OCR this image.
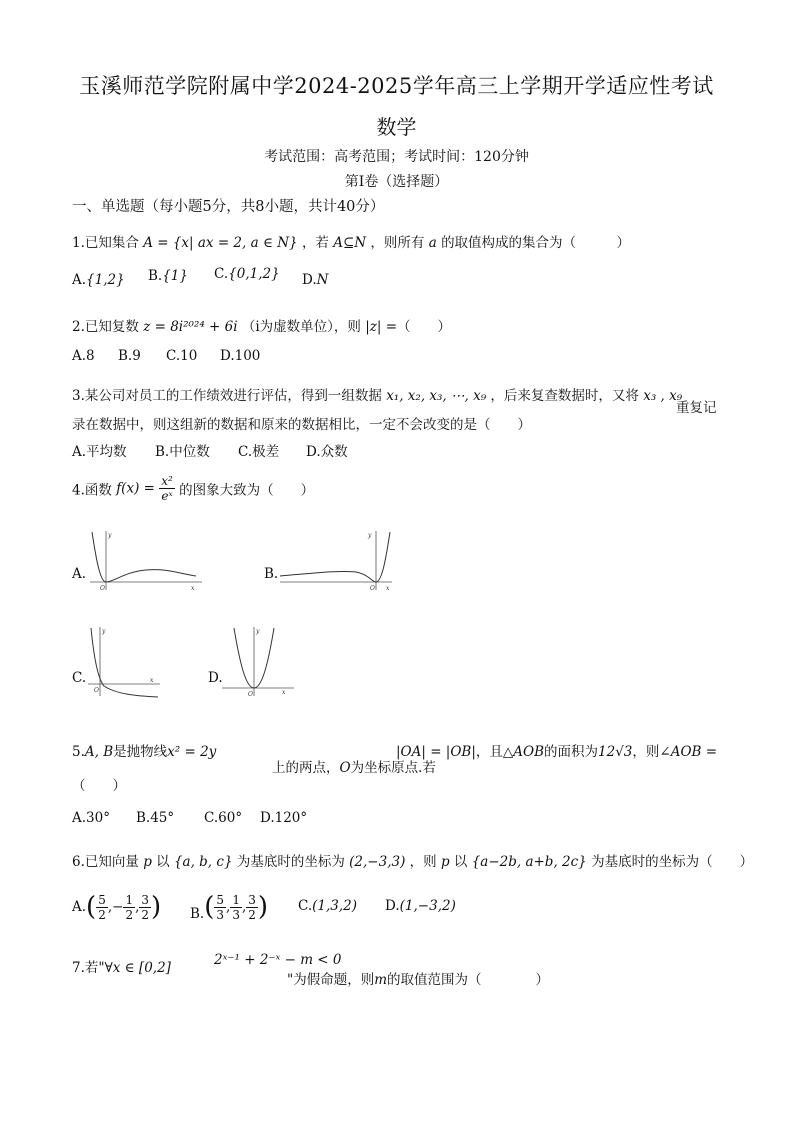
玉溪师范学院附属中学2024-2025学年高三上学期开学适应性考试
数学
考试范围：高考范围；考试时间：120分钟
第I卷（选择题）
一、单选题（每小题5分，共8小题，共计40分）
1.已知集合 A = {x| ax = 2, a ∈ N} ，若 A⊆N ，则所有 a 的取值构成的集合为（　　　）
A.{1,2} B.{1} C.{0,1,2} D.N
2.已知复数 z = 8i²⁰²⁴ + 6i （i为虚数单位），则 |z| =（　　）
A.8 B.9 C.10 D.100
3.某公司对员工的工作绩效进行评估，得到一组数据 x₁, x₂, x₃, ⋯, x₉ ，后来复查数据时，又将 x₃ , x₉
重复记
录在数据中，则这组新的数据和原来的数据相比，一定不会改变的是（　　）
A.平均数 B.中位数 C.极差 D.众数
4.函数 $f(x) = \frac{\text{x²}}{\text{eˣ}}$ 的图象大致为（　　）
A.
y
x
O
B.
y
x
O
C.
y
x
O
D.
y
x
O
5.A, B是抛物线x² = 2y
上的两点，O为坐标原点.若
|OA| = |OB|，且△AOB的面积为12√3，则∠AOB =
（　　）
A.30° B.45° C.60° D.120°
6.已知向量 p 以 {a, b, c} 为基底时的坐标为 (2,−3,3) ，则 p 以 {a−2b, a+b, 2c} 为基底时的坐标为（　　）
$A.( \frac{5}{2}$ ,− $\frac{1}{2}$ , $\frac{3}{2}$ ) $B.( \frac{5}{3}$ , $\frac{1}{3}$ , $\frac{3}{2}$ ) C.(1,3,2) D.(1,−3,2)
7.若"∀x ∈ [0,2]	2ˣ⁻¹ + 2⁻ˣ − m < 0
"为假命题，则m的取值范围为（　　　　）
